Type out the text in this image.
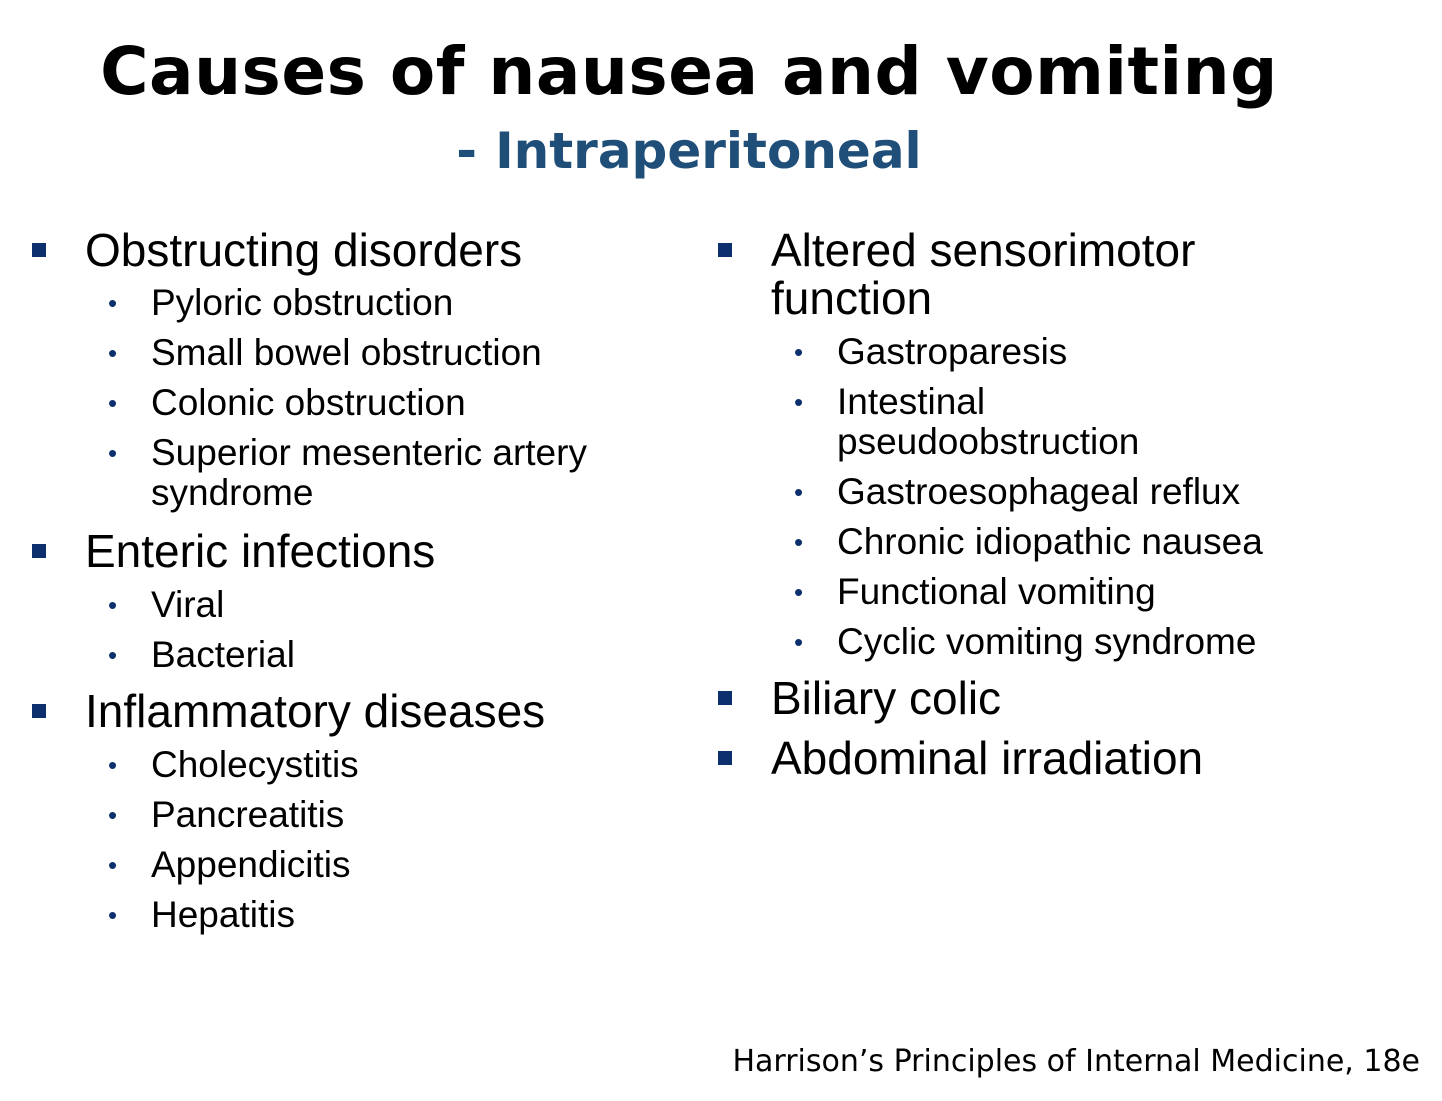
Causes of nausea and vomiting
- Intraperitoneal
Obstructing disorders
• Pyloric obstruction
• Small bowel obstruction
• Colonic obstruction
• Superior mesenteric artery syndrome
Enteric infections
• Viral
• Bacterial
Inflammatory diseases
• Cholecystitis
• Pancreatitis
• Appendicitis
• Hepatitis
Altered sensorimotor function
• Gastroparesis
• Intestinal pseudoobstruction
• Gastroesophageal reflux
• Chronic idiopathic nausea
• Functional vomiting
• Cyclic vomiting syndrome
Biliary colic
Abdominal irradiation
Harrison’s Principles of Internal Medicine, 18e
